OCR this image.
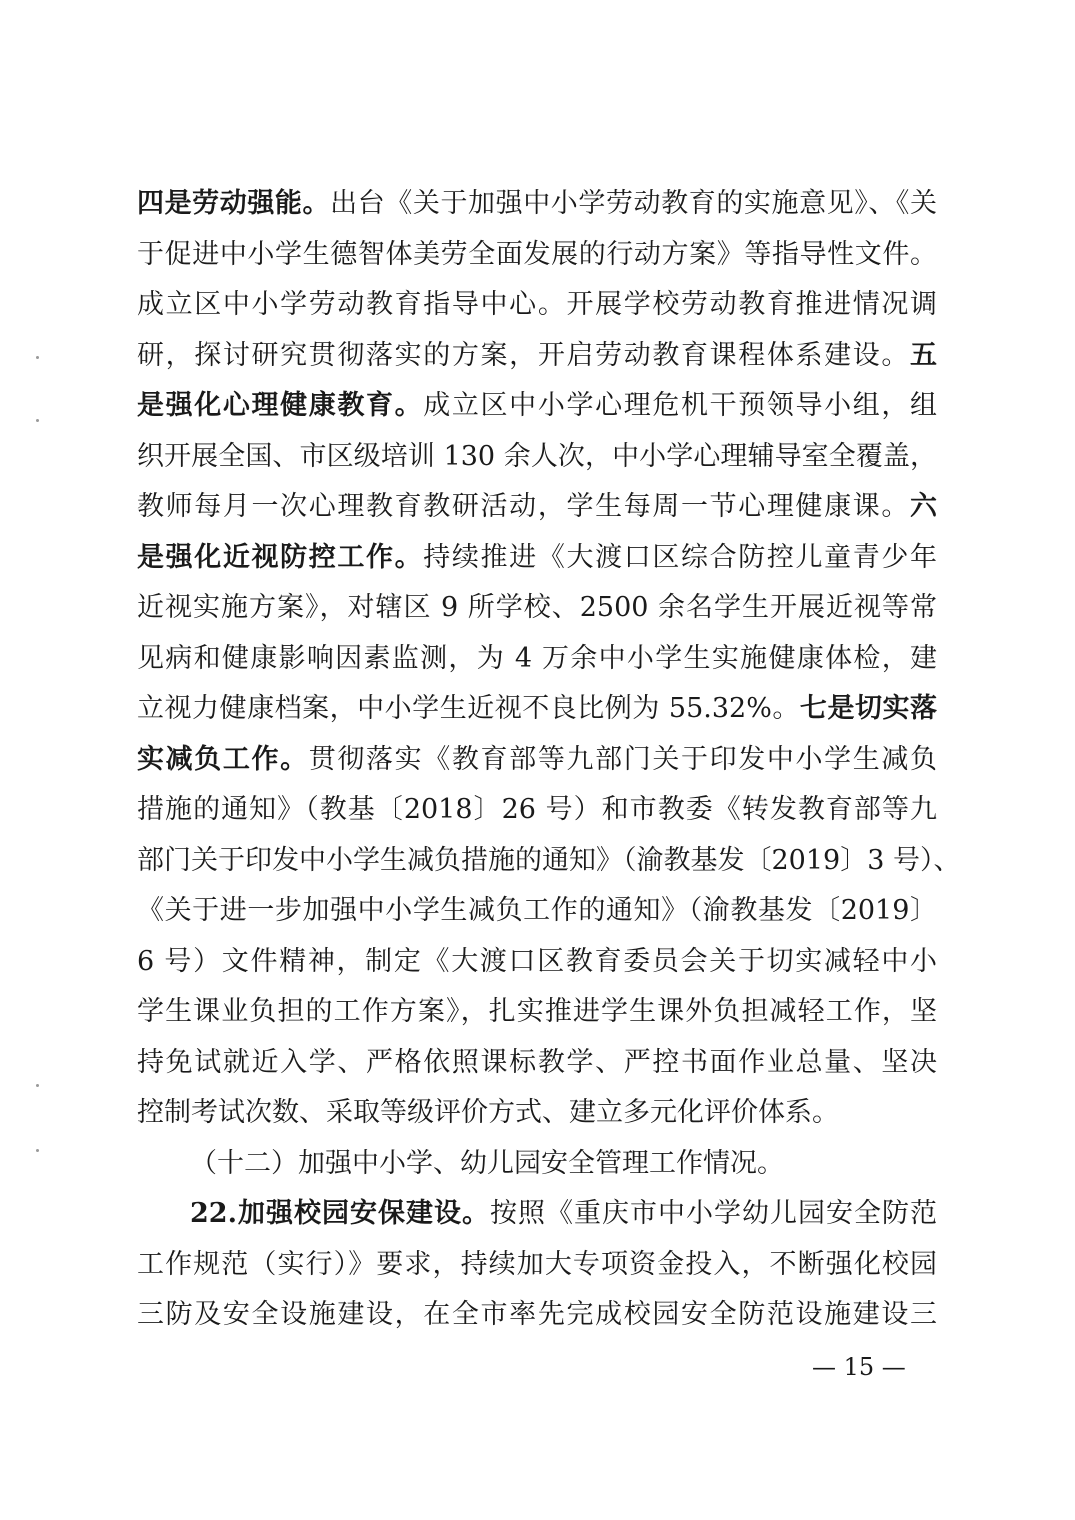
四是劳动强能。出台《关于加强中小学劳动教育的实施意见》、《关
于促进中小学生德智体美劳全面发展的行动方案》等指导性文件。
成立区中小学劳动教育指导中心。开展学校劳动教育推进情况调
研，探讨研究贯彻落实的方案，开启劳动教育课程体系建设。五
是强化心理健康教育。成立区中小学心理危机干预领导小组，组
织开展全国、市区级培训 130 余人次，中小学心理辅导室全覆盖，
教师每月一次心理教育教研活动，学生每周一节心理健康课。六
是强化近视防控工作。持续推进《大渡口区综合防控儿童青少年
近视实施方案》，对辖区 9 所学校、2500 余名学生开展近视等常
见病和健康影响因素监测，为 4 万余中小学生实施健康体检，建
立视力健康档案，中小学生近视不良比例为 55.32%。七是切实落
实减负工作。贯彻落实《教育部等九部门关于印发中小学生减负
措施的通知》（教基〔2018〕26 号）和市教委《转发教育部等九
部门关于印发中小学生减负措施的通知》（渝教基发〔2019〕3 号）、
《关于进一步加强中小学生减负工作的通知》（渝教基发〔2019〕
6 号）文件精神，制定《大渡口区教育委员会关于切实减轻中小
学生课业负担的工作方案》，扎实推进学生课外负担减轻工作，坚
持免试就近入学、严格依照课标教学、严控书面作业总量、坚决
控制考试次数、采取等级评价方式、建立多元化评价体系。
（十二）加强中小学、幼儿园安全管理工作情况。
22.加强校园安保建设。按照《重庆市中小学幼儿园安全防范
工作规范（实行）》要求，持续加大专项资金投入，不断强化校园
三防及安全设施建设，在全市率先完成校园安全防范设施建设三
— 15 —
